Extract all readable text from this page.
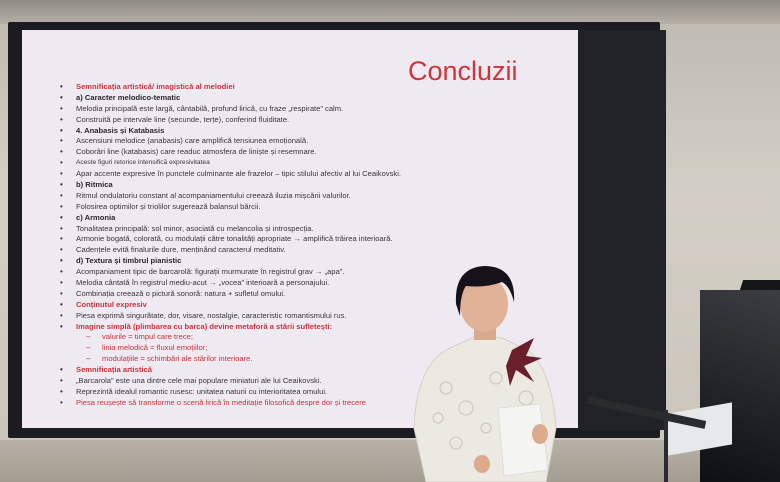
Concluzii
• Semnificația artistică/ imagistică al melodiei
• a) Caracter melodico-tematic
• Melodia principală este largă, cântabilă, profund lirică, cu fraze „respirate” calm.
• Construită pe intervale line (secunde, terțe), conferind fluiditate.
• 4. Anabasis și Katabasis
• Ascensiuni melodice (anabasis) care amplifică tensiunea emoțională.
• Coborâri line (katabasis) care readuc atmosfera de liniște și resemnare.
• Aceste figuri retorice intensifică expresivitatea
• Apar accente expresive în punctele culminante ale frazelor – tipic stilului afectiv al lui Ceaikovski.
• b) Ritmica
• Ritmul ondulatoriu constant al acompaniamentului creează iluzia mișcării valurilor.
• Folosirea optimilor și triolilor sugerează balansul bărcii.
• c) Armonia
• Tonalitatea principală: sol minor, asociată cu melancolia și introspecția.
• Armonie bogată, colorată, cu modulații către tonalități apropriate → amplifică trăirea interioară.
• Cadențele evită finalurile dure, menținând caracterul meditativ.
• d) Textura și timbrul pianistic
• Acompaniament tipic de barcarolă: figurații murmurate în registrul grav → „apa”.
• Melodia cântată în registrul mediu-acut → „vocea” interioară a personajului.
• Combinația creează o pictură sonoră: natura + sufletul omului.
• Conținutul expresiv
• Piesa exprimă singurătate, dor, visare, nostalgie, caracteristic romantismului rus.
• Imagine simplă (plimbarea cu barca) devine metaforă a stării sufletești:
– valurile = timpul care trece;
– linia melodică = fluxul emoțiilor;
– modulațiile = schimbări ale stărilor interioare.
• Semnificația artistică
• „Barcarola” este una dintre cele mai populare miniaturi ale lui Ceaikovski.
• Reprezintă idealul romantic rusesc: unitatea naturii cu interioritatea omului.
• Piesa reușește să transforme o scenă lirică în meditație filosofică despre dor și trecere
